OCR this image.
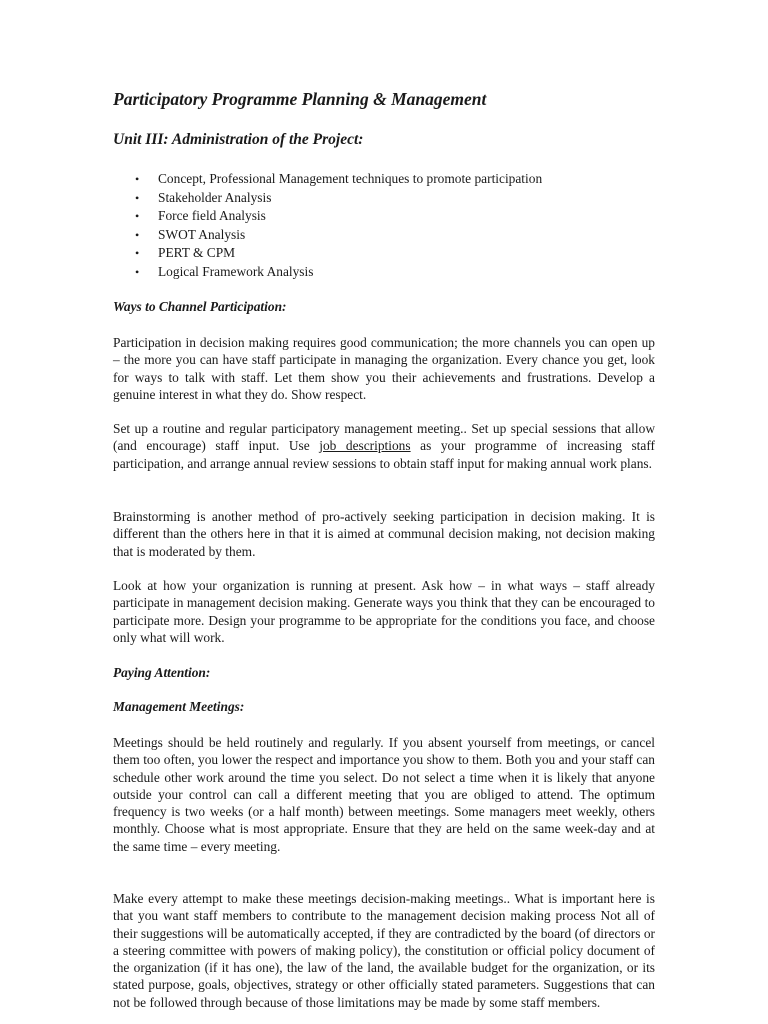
Participatory Programme Planning & Management
Unit III: Administration of the Project:
• Concept, Professional Management techniques to promote participation
• Stakeholder Analysis
• Force field Analysis
• SWOT Analysis
• PERT & CPM
• Logical Framework Analysis

Ways to Channel Participation:

Participation in decision making requires good communication; the more channels you can open up – the more you can have staff participate in managing the organization. Every chance you get, look for ways to talk with staff. Let them show you their achievements and frustrations. Develop a genuine interest in what they do. Show respect.

Set up a routine and regular participatory management meeting.. Set up special sessions that allow (and encourage) staff input. Use job descriptions as your programme of increasing staff participation, and arrange annual review sessions to obtain staff input for making annual work plans.

Brainstorming is another method of pro-actively seeking participation in decision making. It is different than the others here in that it is aimed at communal decision making, not decision making that is moderated by them.

Look at how your organization is running at present. Ask how – in what ways – staff already participate in management decision making. Generate ways you think that they can be encouraged to participate more. Design your programme to be appropriate for the conditions you face, and choose only what will work.

Paying Attention:

Management Meetings:

Meetings should be held routinely and regularly. If you absent yourself from meetings, or cancel them too often, you lower the respect and importance you show to them. Both you and your staff can schedule other work around the time you select. Do not select a time when it is likely that anyone outside your control can call a different meeting that you are obliged to attend. The optimum frequency is two weeks (or a half month) between meetings. Some managers meet weekly, others monthly. Choose what is most appropriate. Ensure that they are held on the same week-day and at the same time – every meeting.

Make every attempt to make these meetings decision-making meetings.. What is important here is that you want staff members to contribute to the management decision making process Not all of their suggestions will be automatically accepted, if they are contradicted by the board (of directors or a steering committee with powers of making policy), the constitution or official policy document of the organization (if it has one), the law of the land, the available budget for the organization, or its stated purpose, goals, objectives, strategy or other officially stated parameters. Suggestions that can not be followed through because of those limitations may be made by some staff members.
